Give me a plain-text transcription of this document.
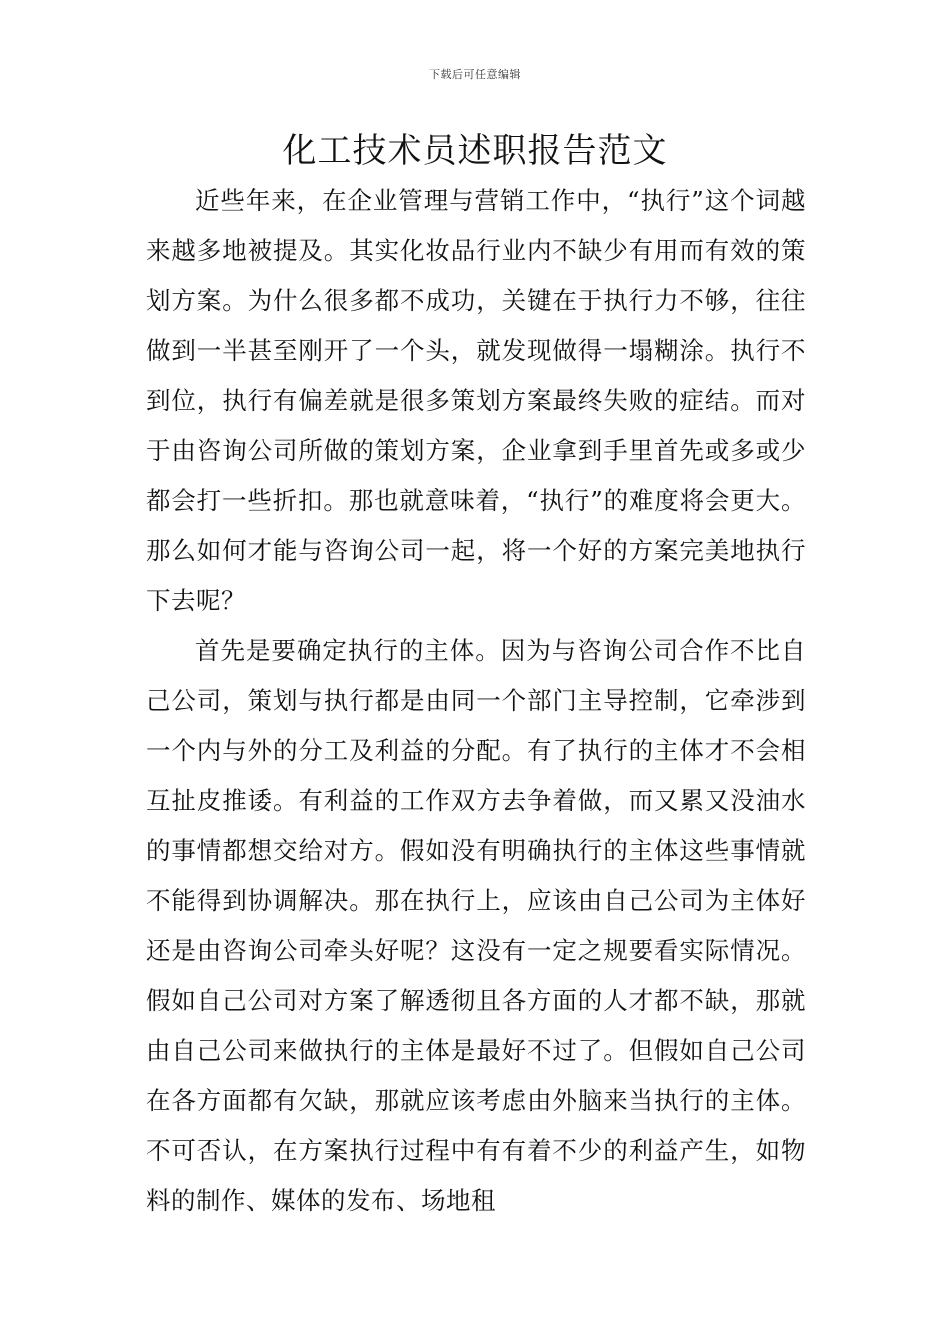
下载后可任意编辑
化工技术员述职报告范文

近些年来，在企业管理与营销工作中，“执行”这个词越来越多地被提及。其实化妆品行业内不缺少有用而有效的策划方案。为什么很多都不成功，关键在于执行力不够，往往做到一半甚至刚开了一个头，就发现做得一塌糊涂。执行不到位，执行有偏差就是很多策划方案最终失败的症结。而对于由咨询公司所做的策划方案，企业拿到手里首先或多或少都会打一些折扣。那也就意味着，“执行”的难度将会更大。那么如何才能与咨询公司一起，将一个好的方案完美地执行下去呢？

首先是要确定执行的主体。因为与咨询公司合作不比自己公司，策划与执行都是由同一个部门主导控制，它牵涉到一个内与外的分工及利益的分配。有了执行的主体才不会相互扯皮推诿。有利益的工作双方去争着做，而又累又没油水的事情都想交给对方。假如没有明确执行的主体这些事情就不能得到协调解决。那在执行上，应该由自己公司为主体好还是由咨询公司牵头好呢？这没有一定之规要看实际情况。假如自己公司对方案了解透彻且各方面的人才都不缺，那就由自己公司来做执行的主体是最好不过了。但假如自己公司在各方面都有欠缺，那就应该考虑由外脑来当执行的主体。不可否认，在方案执行过程中有有着不少的利益产生，如物料的制作、媒体的发布、场地租
